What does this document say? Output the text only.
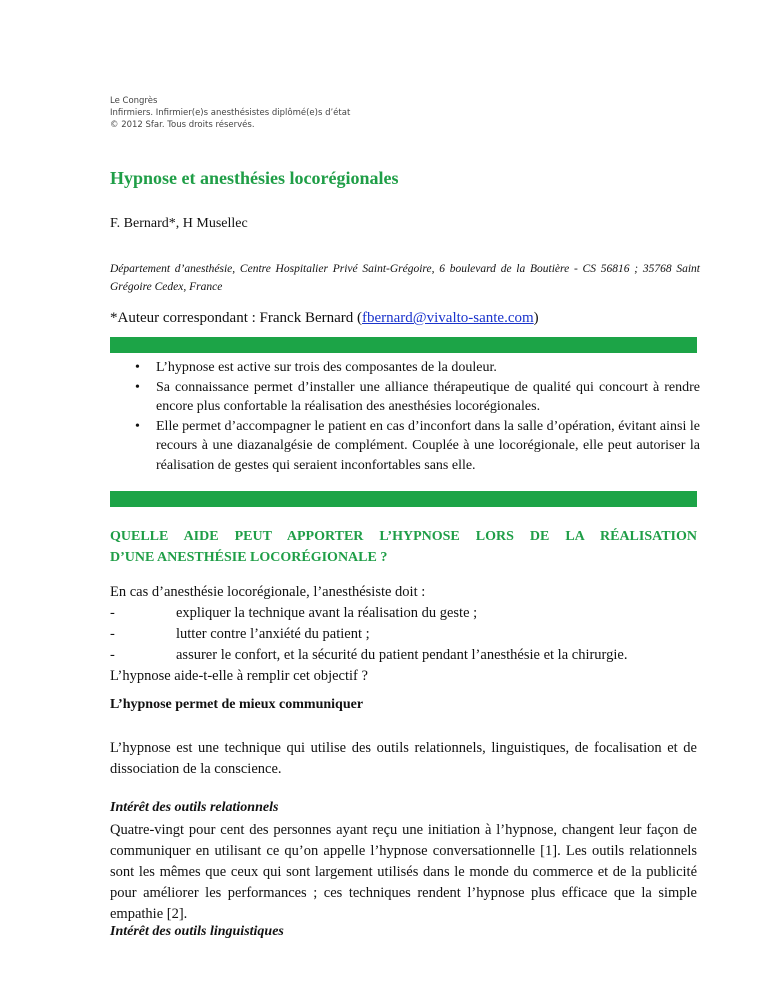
Le Congrès
Infirmiers. Infirmier(e)s anesthésistes diplômé(e)s d’état
© 2012 Sfar. Tous droits réservés.
Hypnose et anesthésies locorégionales
F. Bernard*, H Musellec
Département d’anesthésie, Centre Hospitalier Privé Saint-Grégoire, 6 boulevard de la Boutière - CS 56816 ; 35768 Saint Grégoire Cedex, France
*Auteur correspondant : Franck Bernard (fbernard@vivalto-sante.com)
• L’hypnose est active sur trois des composantes de la douleur.
• Sa connaissance permet d’installer une alliance thérapeutique de qualité qui concourt à rendre encore plus confortable la réalisation des anesthésies locorégionales.
• Elle permet d’accompagner le patient en cas d’inconfort dans la salle d’opération, évitant ainsi le recours à une diazanalgésie de complément. Couplée à une locorégionale, elle peut autoriser la réalisation de gestes qui seraient inconfortables sans elle.
QUELLE AIDE PEUT APPORTER L’HYPNOSE LORS DE LA RÉALISATION
D’UNE ANESTHÉSIE LOCORÉGIONALE ?
En cas d’anesthésie locorégionale, l’anesthésiste doit :
-	expliquer la technique avant la réalisation du geste ;
-	lutter contre l’anxiété du patient ;
-	assurer le confort, et la sécurité du patient pendant l’anesthésie et la chirurgie.
L’hypnose aide-t-elle à remplir cet objectif ?
L’hypnose permet de mieux communiquer
L’hypnose est une technique qui utilise des outils relationnels, linguistiques, de focalisation et de dissociation de la conscience.
Intérêt des outils relationnels
Quatre-vingt pour cent des personnes ayant reçu une initiation à l’hypnose, changent leur façon de communiquer en utilisant ce qu’on appelle l’hypnose conversationnelle [1]. Les outils relationnels sont les mêmes que ceux qui sont largement utilisés dans le monde du commerce et de la publicité pour améliorer les performances ; ces techniques rendent l’hypnose plus efficace que la simple empathie [2].
Intérêt des outils linguistiques
